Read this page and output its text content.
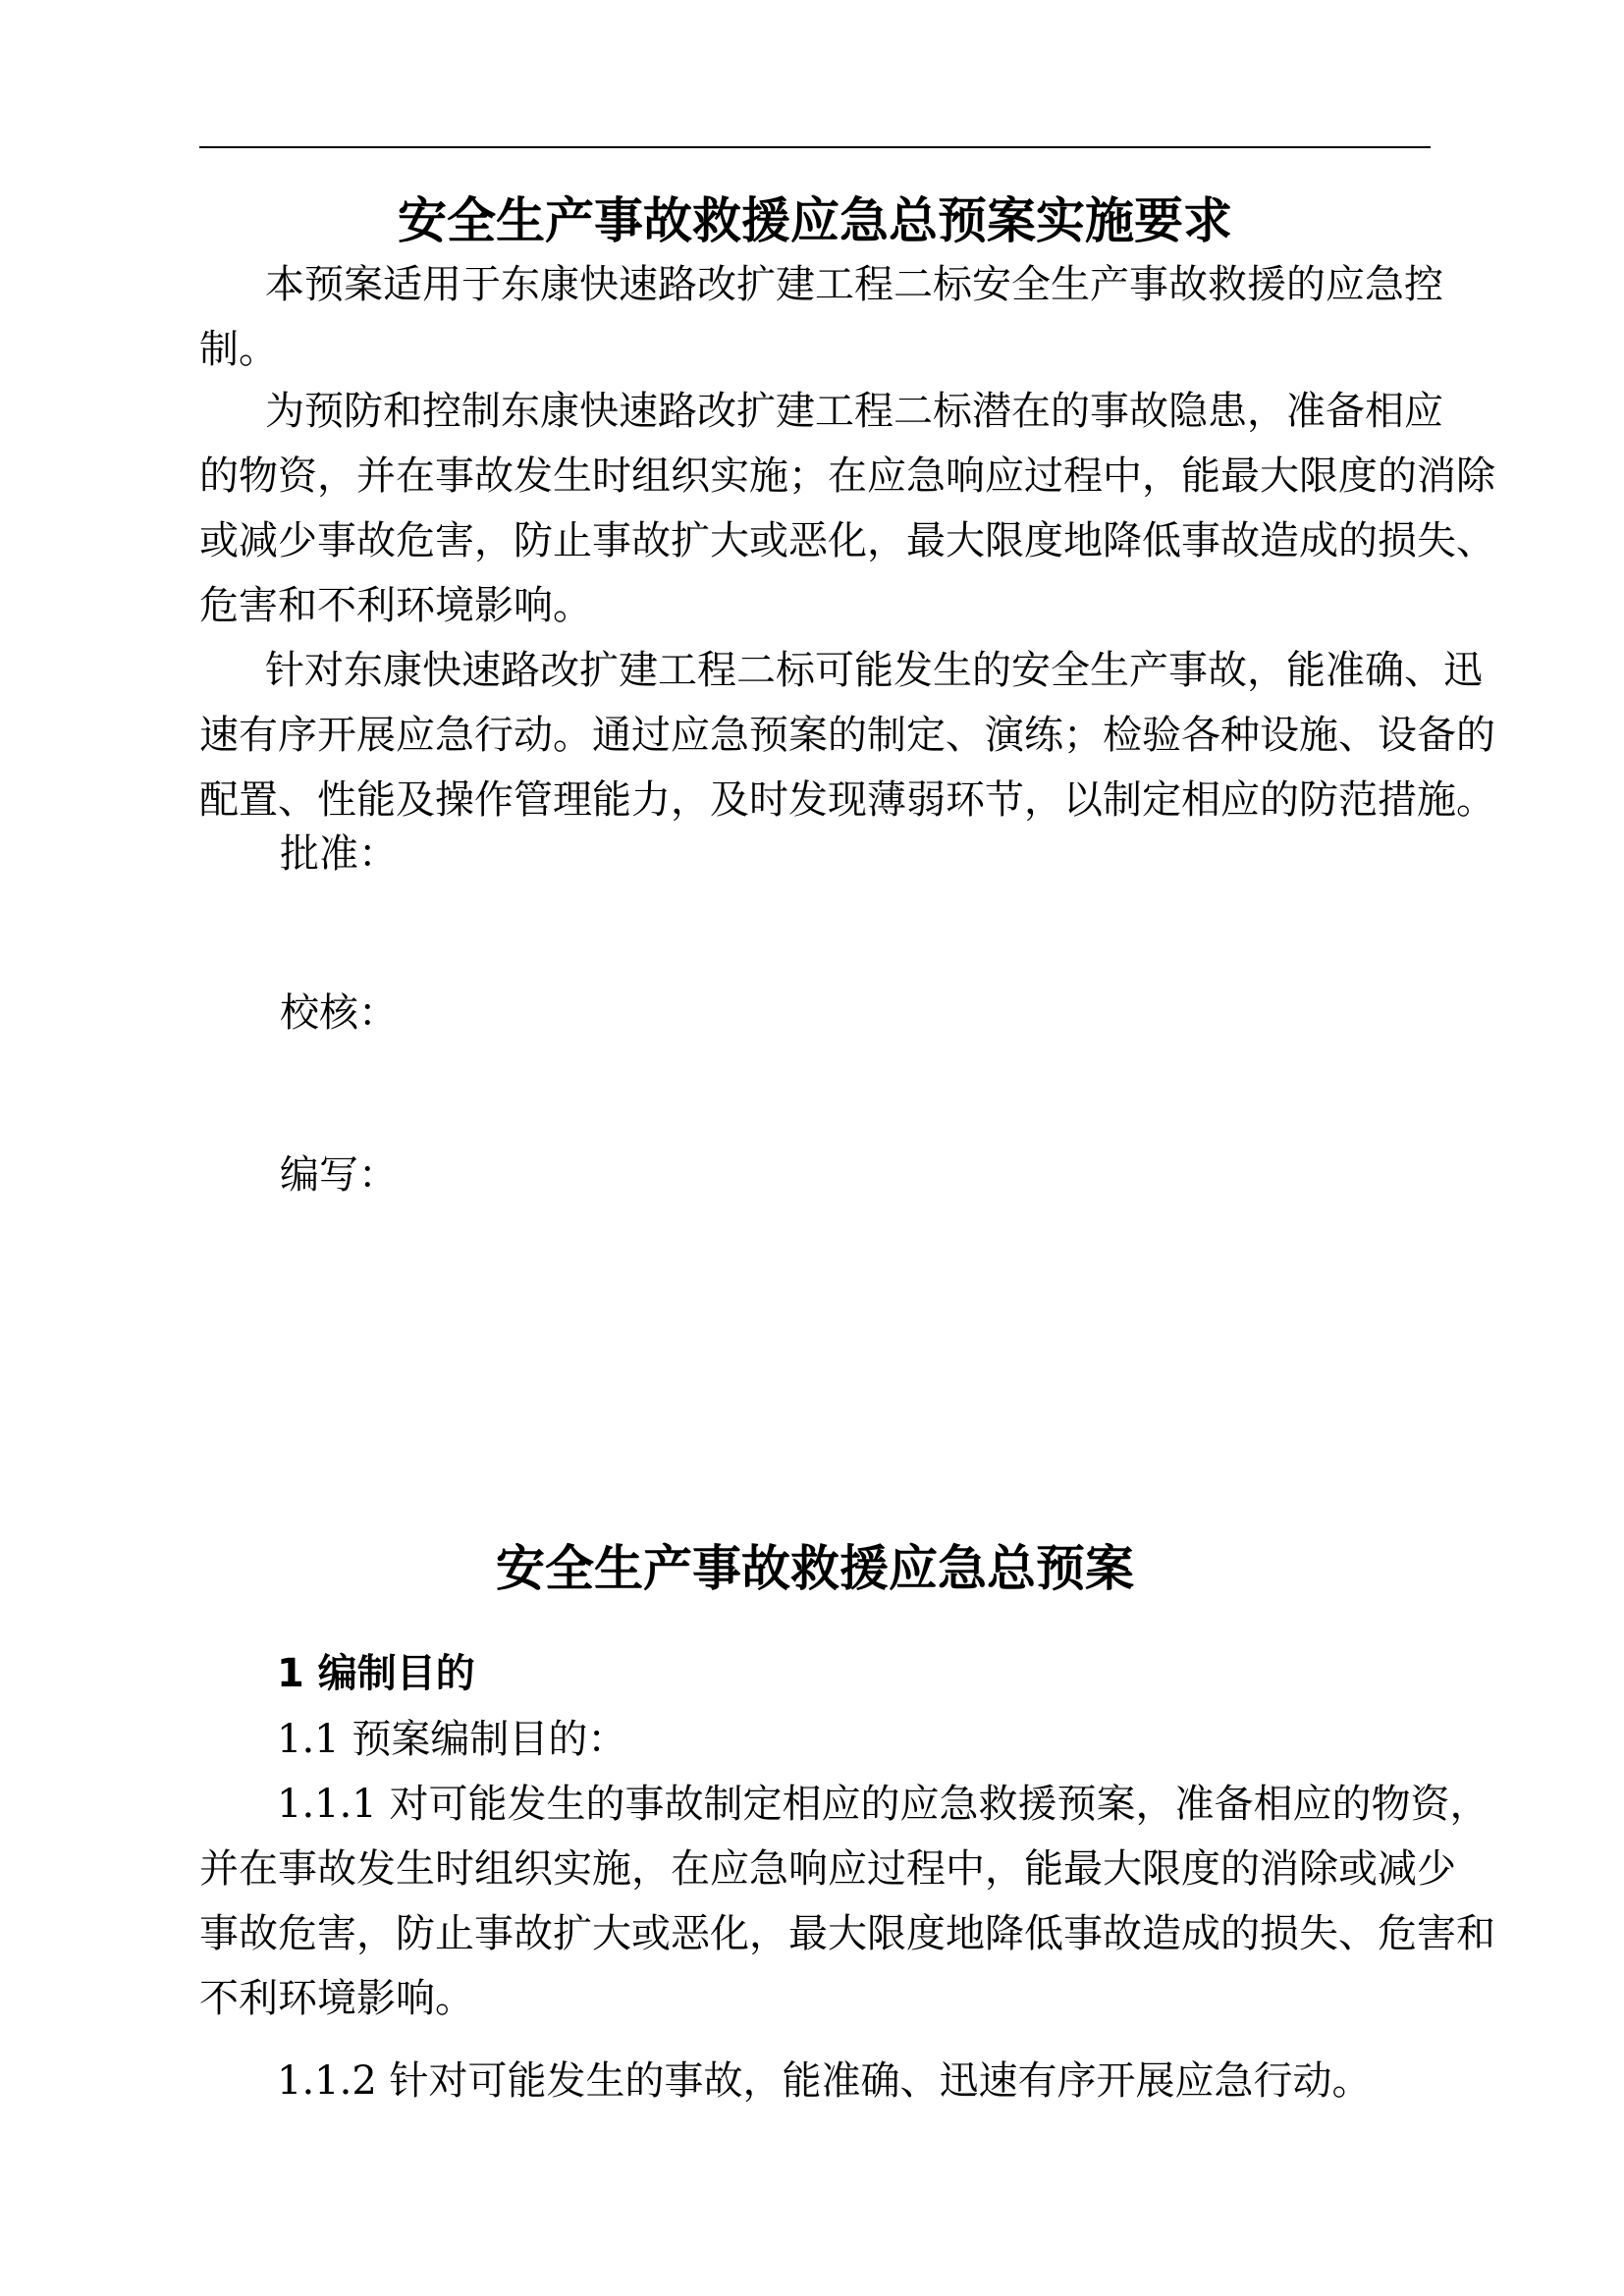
安全生产事故救援应急总预案实施要求
本预案适用于东康快速路改扩建工程二标安全生产事故救援的应急控
制。
为预防和控制东康快速路改扩建工程二标潜在的事故隐患，准备相应
的物资，并在事故发生时组织实施；在应急响应过程中，能最大限度的消除
或减少事故危害，防止事故扩大或恶化，最大限度地降低事故造成的损失、
危害和不利环境影响。
针对东康快速路改扩建工程二标可能发生的安全生产事故，能准确、迅
速有序开展应急行动。通过应急预案的制定、演练；检验各种设施、设备的
配置、性能及操作管理能力，及时发现薄弱环节，以制定相应的防范措施。
批准：
校核：
编写：
安全生产事故救援应急总预案
1 编制目的
1.1 预案编制目的：
1.1.1 对可能发生的事故制定相应的应急救援预案，准备相应的物资，
并在事故发生时组织实施，在应急响应过程中，能最大限度的消除或减少
事故危害，防止事故扩大或恶化，最大限度地降低事故造成的损失、危害和
不利环境影响。
1.1.2 针对可能发生的事故，能准确、迅速有序开展应急行动。
